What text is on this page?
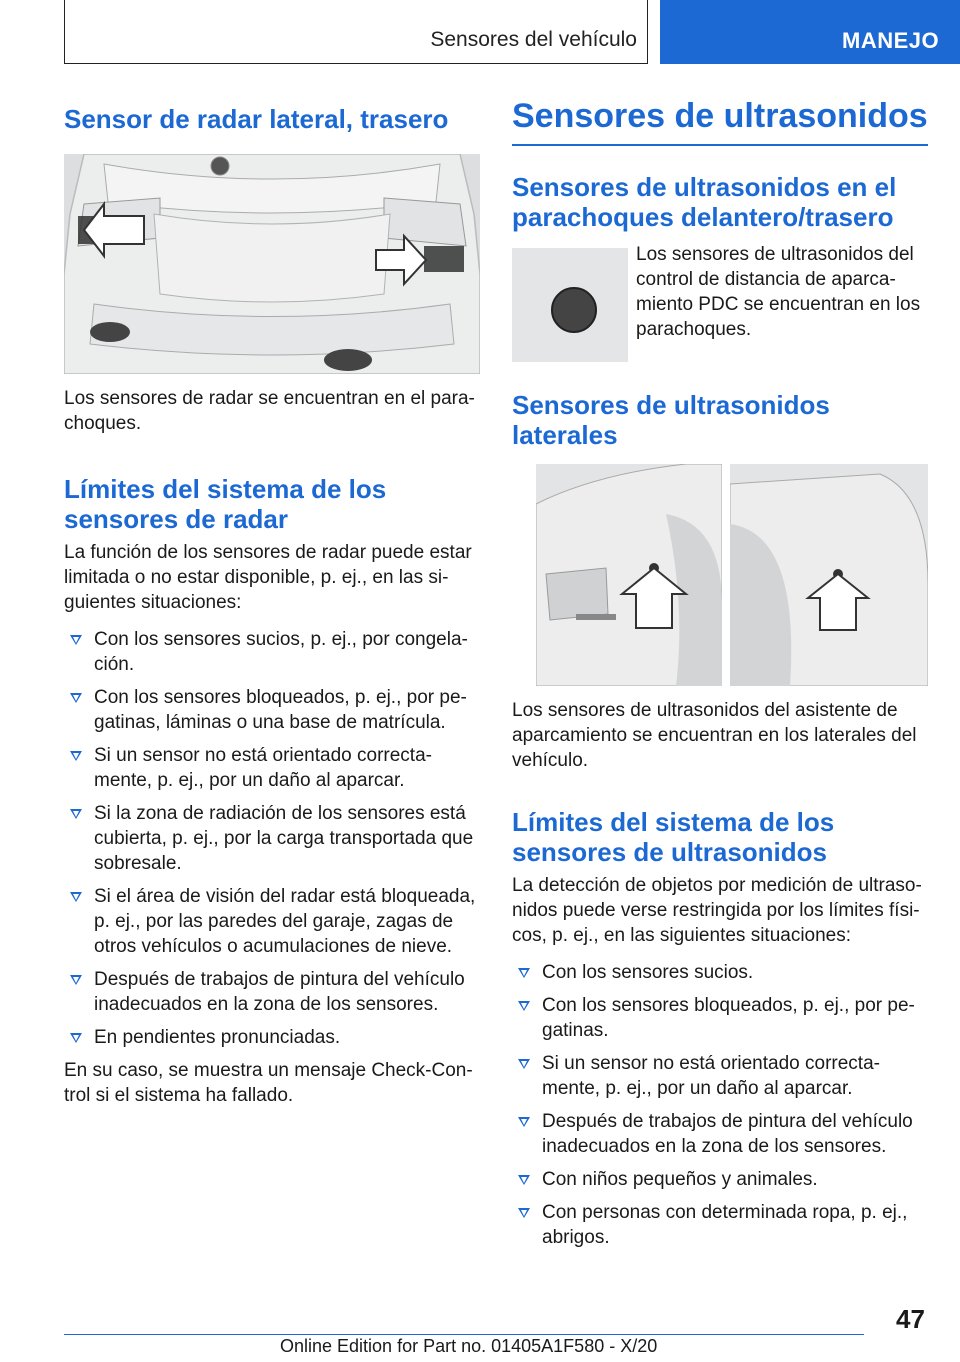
Sensores del vehículo	MANEJO
Sensor de radar lateral, trasero

Los sensores de radar se encuentran en el para-choques.

Límites del sistema de los sensores de radar

La función de los sensores de radar puede estar limitada o no estar disponible, p. ej., en las si-guientes situaciones:

Con los sensores sucios, p. ej., por congela-ción.
Con los sensores bloqueados, p. ej., por pe-gatinas, láminas o una base de matrícula.
Si un sensor no está orientado correcta-mente, p. ej., por un daño al aparcar.
Si la zona de radiación de los sensores está cubierta, p. ej., por la carga transportada que sobresale.
Si el área de visión del radar está bloqueada, p. ej., por las paredes del garaje, zagas de otros vehículos o acumulaciones de nieve.
Después de trabajos de pintura del vehículo inadecuados en la zona de los sensores.
En pendientes pronunciadas.

En su caso, se muestra un mensaje Check-Con-trol si el sistema ha fallado.

Sensores de ultrasonidos
Sensores de ultrasonidos en el parachoques delantero/trasero

Los sensores de ultrasonidos del control de distancia de aparca-miento PDC se encuentran en los parachoques.

Sensores de ultrasonidos laterales

Los sensores de ultrasonidos del asistente de aparcamiento se encuentran en los laterales del vehículo.

Límites del sistema de los sensores de ultrasonidos

La detección de objetos por medición de ultraso-nidos puede verse restringida por los límites físi-cos, p. ej., en las siguientes situaciones:

Con los sensores sucios.
Con los sensores bloqueados, p. ej., por pe-gatinas.
Si un sensor no está orientado correcta-mente, p. ej., por un daño al aparcar.
Después de trabajos de pintura del vehículo inadecuados en la zona de los sensores.
Con niños pequeños y animales.
Con personas con determinada ropa, p. ej., abrigos.
47
Online Edition for Part no. 01405A1F580 - X/20
